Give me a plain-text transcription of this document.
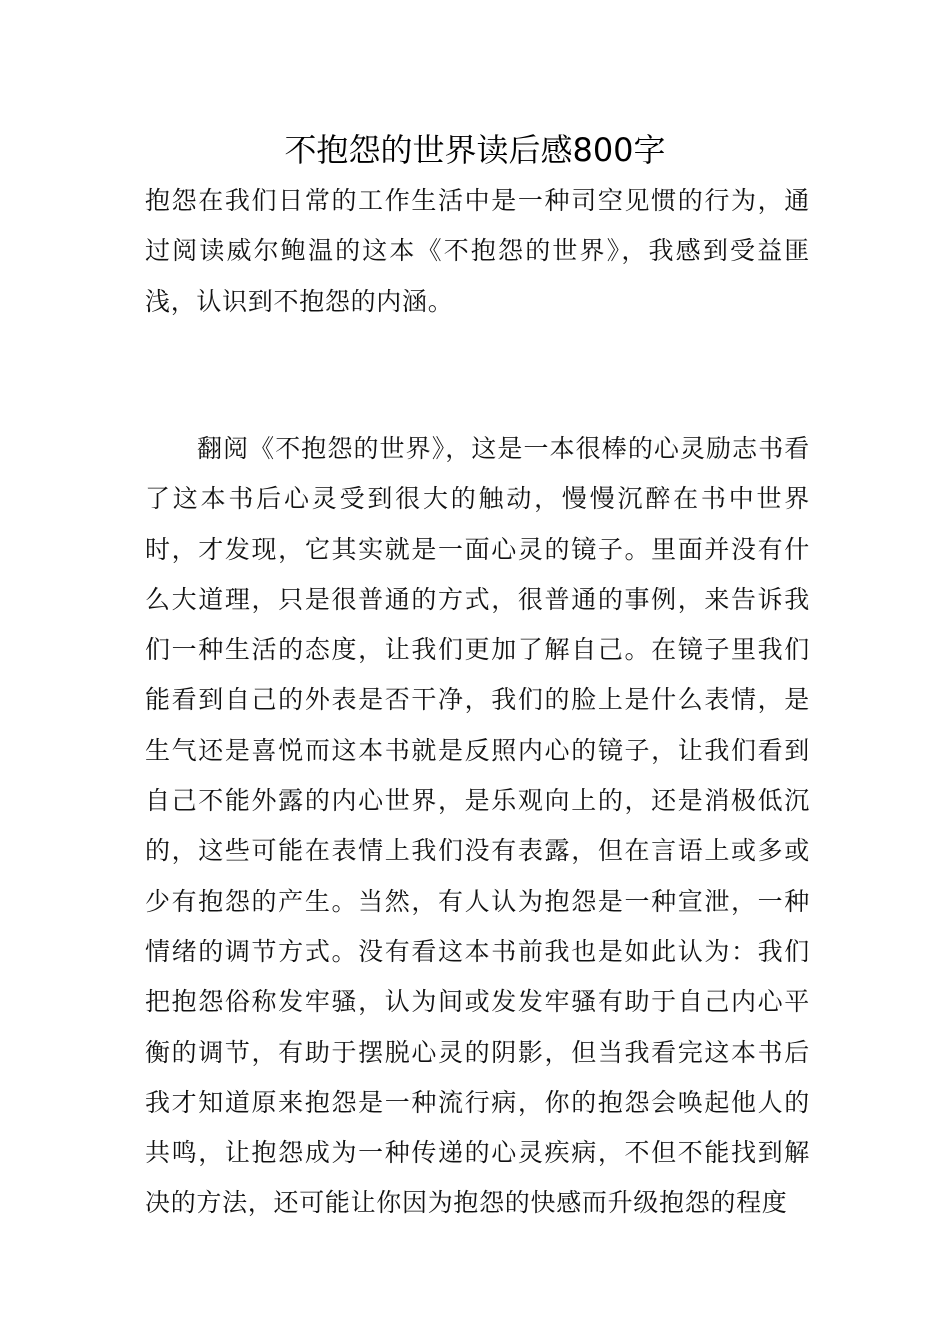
不抱怨的世界读后感800字

抱怨在我们日常的工作生活中是一种司空见惯的行为，通过阅读威尔鲍温的这本《不抱怨的世界》，我感到受益匪浅，认识到不抱怨的内涵。

翻阅《不抱怨的世界》，这是一本很棒的心灵励志书看了这本书后心灵受到很大的触动，慢慢沉醉在书中世界时，才发现，它其实就是一面心灵的镜子。里面并没有什么大道理，只是很普通的方式，很普通的事例，来告诉我们一种生活的态度，让我们更加了解自己。在镜子里我们能看到自己的外表是否干净，我们的脸上是什么表情，是生气还是喜悦而这本书就是反照内心的镜子，让我们看到自己不能外露的内心世界，是乐观向上的，还是消极低沉的，这些可能在表情上我们没有表露，但在言语上或多或少有抱怨的产生。当然，有人认为抱怨是一种宣泄，一种情绪的调节方式。没有看这本书前我也是如此认为：我们把抱怨俗称发牢骚，认为间或发发牢骚有助于自己内心平衡的调节，有助于摆脱心灵的阴影，但当我看完这本书后我才知道原来抱怨是一种流行病，你的抱怨会唤起他人的共鸣，让抱怨成为一种传递的心灵疾病，不但不能找到解决的方法，还可能让你因为抱怨的快感而升级抱怨的程度
